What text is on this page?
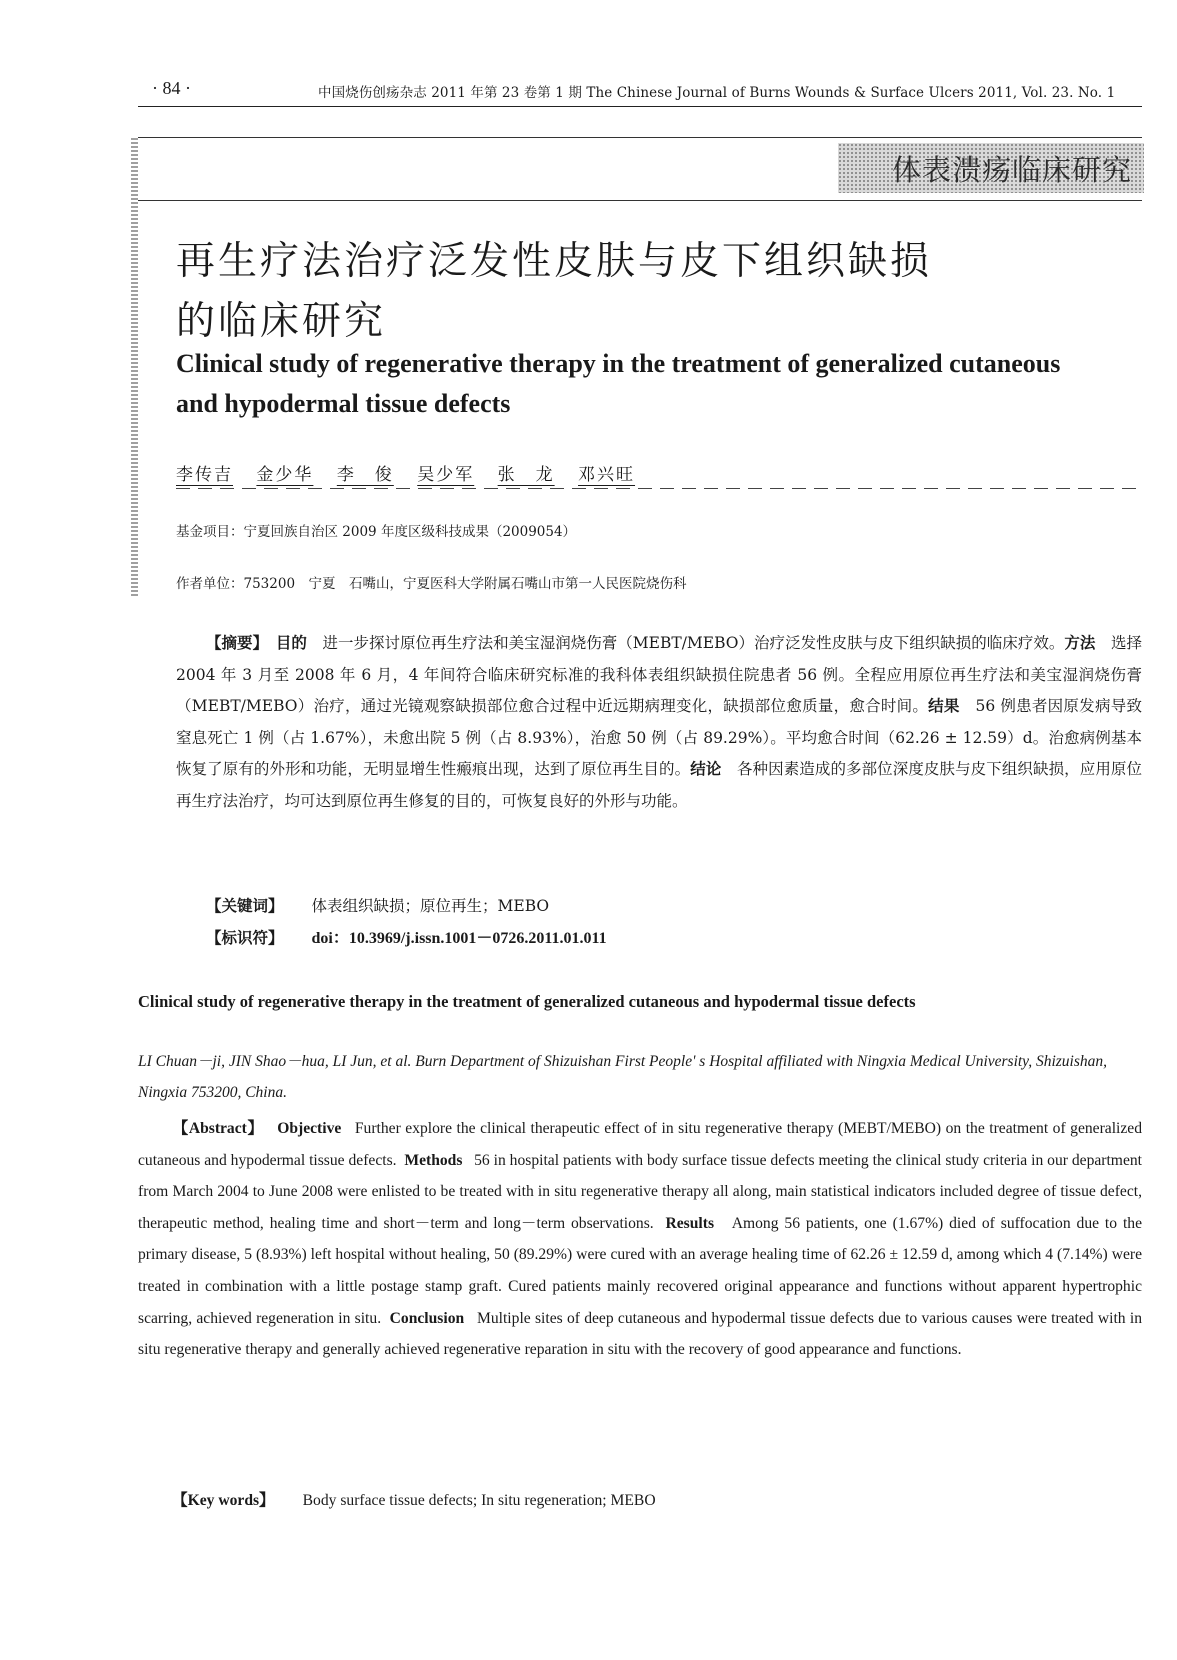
· 84 ·	中国烧伤创疡杂志 2011 年第 23 卷第 1 期 The Chinese Journal of Burns Wounds & Surface Ulcers 2011, Vol. 23. No. 1
体表溃疡临床研究
再生疗法治疗泛发性皮肤与皮下组织缺损
的临床研究
Clinical study of regenerative therapy in the treatment of generalized cutaneous and hypodermal tissue defects
李传吉 金少华 李　俊 吴少军 张　龙 邓兴旺
基金项目：宁夏回族自治区 2009 年度区级科技成果（2009054）
作者单位：753200　宁夏　石嘴山，宁夏医科大学附属石嘴山市第一人民医院烧伤科
【摘要】　 目的　 进一步探讨原位再生疗法和美宝湿润烧伤膏（MEBT/MEBO）治疗泛发性皮肤与皮下组织缺损的临床疗效。方法　 选择 2004 年 3 月至 2008 年 6 月，4 年间符合临床研究标准的我科体表组织缺损住院患者 56 例。全程应用原位再生疗法和美宝湿润烧伤膏（MEBT/MEBO）治疗，通过光镜观察缺损部位愈合过程中近远期病理变化，缺损部位愈质量，愈合时间。结果　 56 例患者因原发病导致窒息死亡 1 例（占 1.67%），未愈出院 5 例（占 8.93%），治愈 50 例（占 89.29%）。平均愈合时间（62.26 ± 12.59）d。治愈病例基本恢复了原有的外形和功能，无明显增生性瘢痕出现，达到了原位再生目的。结论　 各种因素造成的多部位深度皮肤与皮下组织缺损，应用原位再生疗法治疗，均可达到原位再生修复的目的，可恢复良好的外形与功能。
【关键词】 体表组织缺损；原位再生；MEBO
【标识符】 doi：10.3969/j.issn.1001－0726.2011.01.011
Clinical study of regenerative therapy in the treatment of generalized cutaneous and hypodermal tissue defects
LI Chuan－ji, JIN Shao－hua, LI Jun, et al. Burn Department of Shizuishan First People' s Hospital affiliated with Ningxia Medical University, Shizuishan, Ningxia 753200, China.
【Abstract】 Objective Further explore the clinical therapeutic effect of in situ regenerative therapy (MEBT/MEBO) on the treatment of generalized cutaneous and hypodermal tissue defects. Methods 56 in hospital patients with body surface tissue defects meeting the clinical study criteria in our department from March 2004 to June 2008 were enlisted to be treated with in situ regenerative therapy all along, main statistical indicators included degree of tissue defect, therapeutic method, healing time and short－term and long－term observations. Results Among 56 patients, one (1.67%) died of suffocation due to the primary disease, 5 (8.93%) left hospital without healing, 50 (89.29%) were cured with an average healing time of 62.26 ± 12.59 d, among which 4 (7.14%) were treated in combination with a little postage stamp graft. Cured patients mainly recovered original appearance and functions without apparent hypertrophic scarring, achieved regeneration in situ. Conclusion Multiple sites of deep cutaneous and hypodermal tissue defects due to various causes were treated with in situ regenerative therapy and generally achieved regenerative reparation in situ with the recovery of good appearance and functions.
【Key words】 Body surface tissue defects; In situ regeneration; MEBO
